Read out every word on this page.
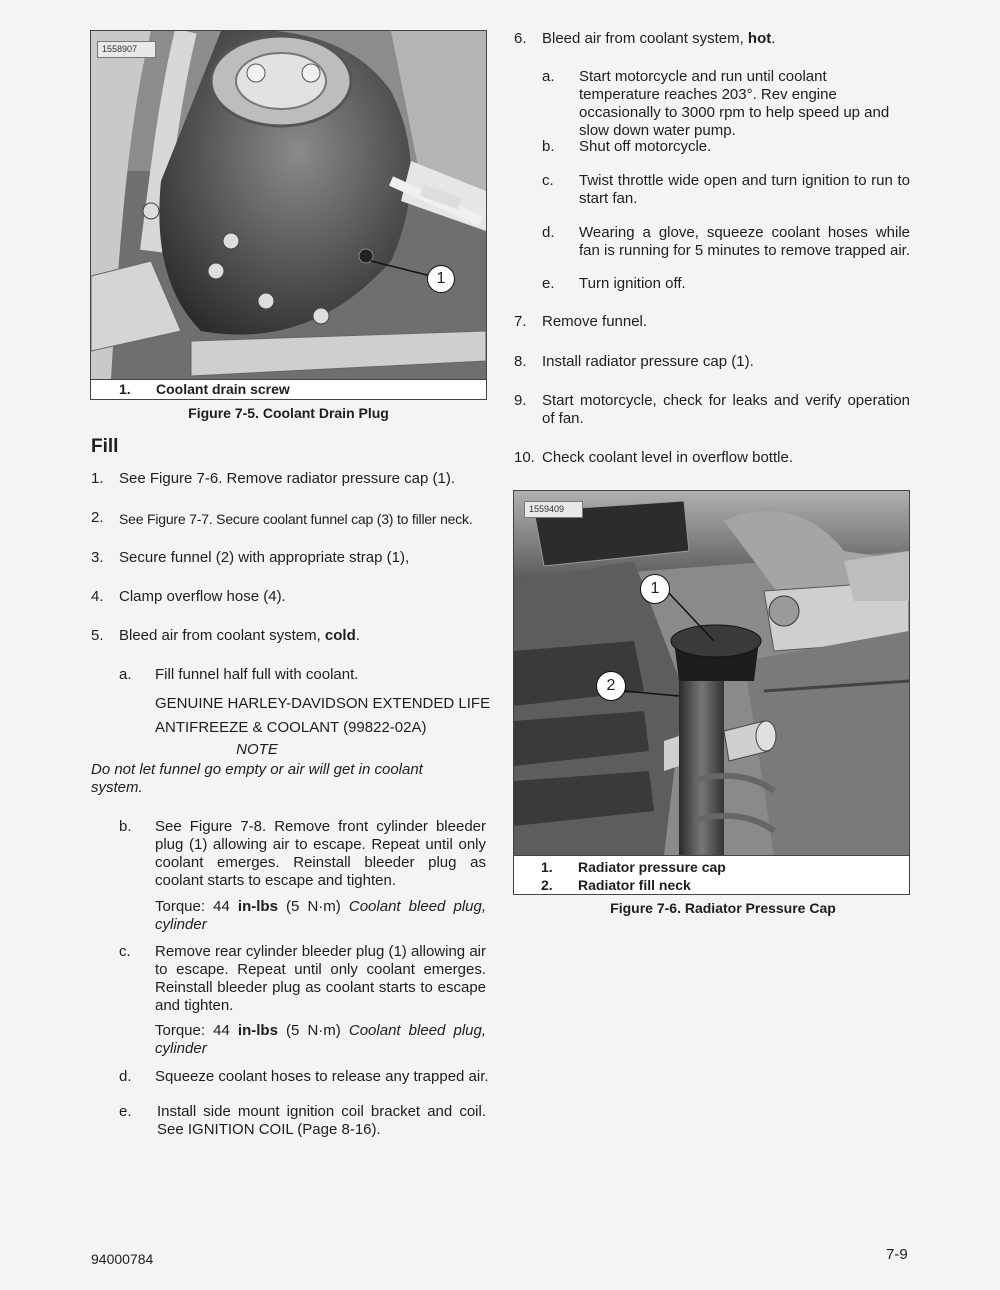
1558907
1
1. Coolant drain screw
Figure 7-5. Coolant Drain Plug
Fill
1. See Figure 7-6. Remove radiator pressure cap (1).
2. See Figure 7-7. Secure coolant funnel cap (3) to filler neck.
3. Secure funnel (2) with appropriate strap (1),
4. Clamp overflow hose (4).
5. Bleed air from coolant system, cold.
a. Fill funnel half full with coolant.
GENUINE HARLEY-DAVIDSON EXTENDED LIFE
ANTIFREEZE & COOLANT (99822-02A)
NOTE
Do not let funnel go empty or air will get in coolant system.
b. See Figure 7-8. Remove front cylinder bleeder plug (1) allowing air to escape. Repeat until only coolant emerges. Reinstall bleeder plug as coolant starts to escape and tighten.
Torque: 44 in-lbs (5 N·m) Coolant bleed plug, cylinder
c. Remove rear cylinder bleeder plug (1) allowing air to escape. Repeat until only coolant emerges. Reinstall bleeder plug as coolant starts to escape and tighten.
Torque: 44 in-lbs (5 N·m) Coolant bleed plug, cylinder
d. Squeeze coolant hoses to release any trapped air.
e. Install side mount ignition coil bracket and coil. See IGNITION COIL (Page 8-16).
6. Bleed air from coolant system, hot.
a. Start motorcycle and run until coolant temperature reaches 203°. Rev engine occasionally to 3000 rpm to help speed up and slow down water pump.
b. Shut off motorcycle.
c. Twist throttle wide open and turn ignition to run to start fan.
d. Wearing a glove, squeeze coolant hoses while fan is running for 5 minutes to remove trapped air.
e. Turn ignition off.
7. Remove funnel.
8. Install radiator pressure cap (1).
9. Start motorcycle, check for leaks and verify operation of fan.
10. Check coolant level in overflow bottle.
1559409
1
2
1. Radiator pressure cap
2. Radiator fill neck
Figure 7-6. Radiator Pressure Cap
94000784	7-9
